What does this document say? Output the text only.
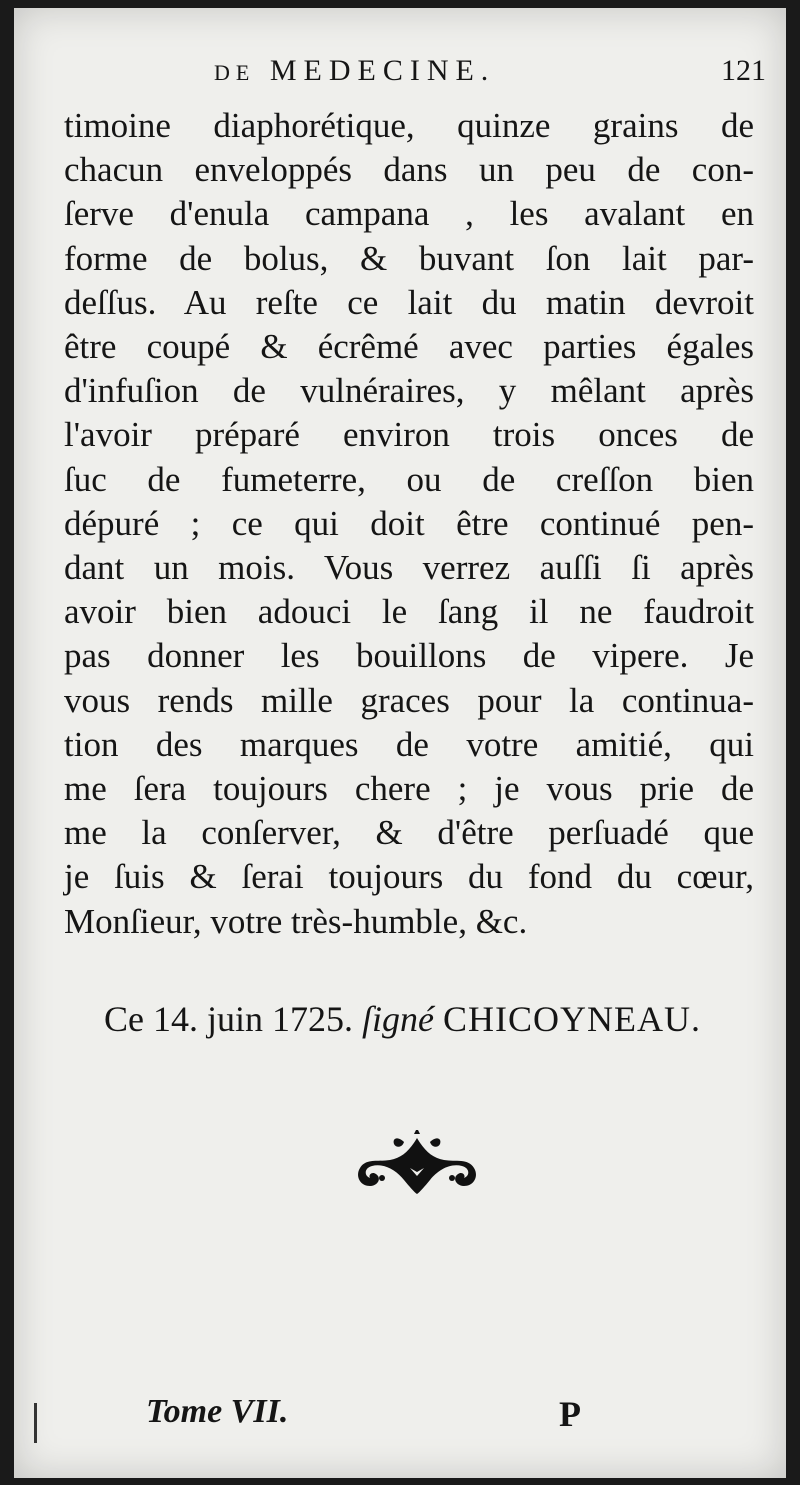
DE MEDECINE.	121
timoine diaphorétique, quinze grains de
chacun enveloppés dans un peu de con-
ſerve d'enula campana , les avalant en
forme de bolus, & buvant ſon lait par-
deſſus. Au reſte ce lait du matin devroit
être coupé & écrêmé avec parties égales
d'infuſion de vulnéraires, y mêlant après
l'avoir préparé environ trois onces de
ſuc de fumeterre, ou de creſſon bien
dépuré ; ce qui doit être continué pen-
dant un mois. Vous verrez auſſi ſi après
avoir bien adouci le ſang il ne faudroit
pas donner les bouillons de vipere. Je
vous rends mille graces pour la continua-
tion des marques de votre amitié, qui
me ſera toujours chere ; je vous prie de
me la conſerver, & d'être perſuadé que
je ſuis & ſerai toujours du fond du cœur,
Monſieur, votre très-humble, &c.
Ce 14. juin 1725. ſigné CHICOYNEAU.
Tome VII.	P
